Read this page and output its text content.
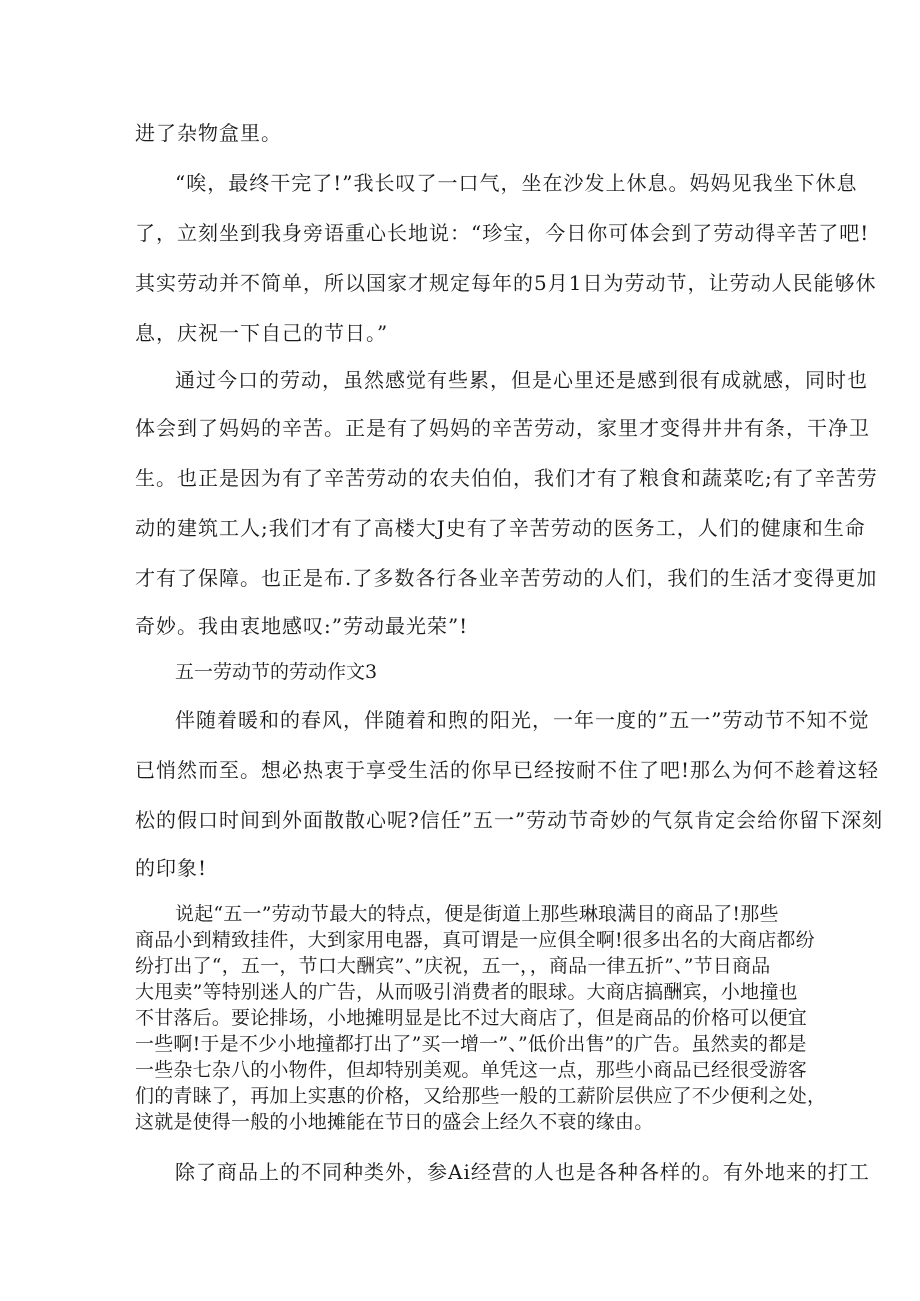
进了杂物盒里。
“唉，最终干完了!”我长叹了一口气，坐在沙发上休息。妈妈见我坐下休息
了，立刻坐到我身旁语重心长地说：“珍宝，今日你可体会到了劳动得辛苦了吧!
其实劳动并不简单，所以国家才规定每年的5月1日为劳动节，让劳动人民能够休
息，庆祝一下自己的节日。”
通过今口的劳动，虽然感觉有些累，但是心里还是感到很有成就感，同时也
体会到了妈妈的辛苦。正是有了妈妈的辛苦劳动，家里才变得井井有条，干净卫
生。也正是因为有了辛苦劳动的农夫伯伯，我们才有了粮食和蔬菜吃;有了辛苦劳
动的建筑工人;我们才有了高楼大J史有了辛苦劳动的医务工，人们的健康和生命
才有了保障。也正是布.了多数各行各业辛苦劳动的人们，我们的生活才变得更加
奇妙。我由衷地感叹:”劳动最光荣”!
五一劳动节的劳动作文3
伴随着暖和的春风，伴随着和煦的阳光，一年一度的”五一”劳动节不知不觉
已悄然而至。想必热衷于享受生活的你早已经按耐不住了吧!那么为何不趁着这轻
松的假口时间到外面散散心呢?信任”五一”劳动节奇妙的气氛肯定会给你留下深刻
的印象!
说起“五一”劳动节最大的特点，便是街道上那些琳琅满目的商品了!那些
商品小到精致挂件，大到家用电器，真可谓是一应俱全啊!很多出名的大商店都纷
纷打出了“，五一，节口大酬宾”、”庆祝，五一，，商品一律五折”、”节日商品
大甩卖”等特别迷人的广告，从而吸引消费者的眼球。大商店搞酬宾，小地撞也
不甘落后。要论排场，小地摊明显是比不过大商店了，但是商品的价格可以便宜
一些啊!于是不少小地撞都打出了”买一增一”、”低价出售”的广告。虽然卖的都是
一些杂七杂八的小物件，但却特别美观。单凭这一点，那些小商品已经很受游客
们的青睐了，再加上实惠的价格，又给那些一般的工薪阶层供应了不少便利之处，
这就是使得一般的小地摊能在节日的盛会上经久不衰的缘由。
除了商品上的不同种类外，参Ai经营的人也是各种各样的。有外地来的打工
